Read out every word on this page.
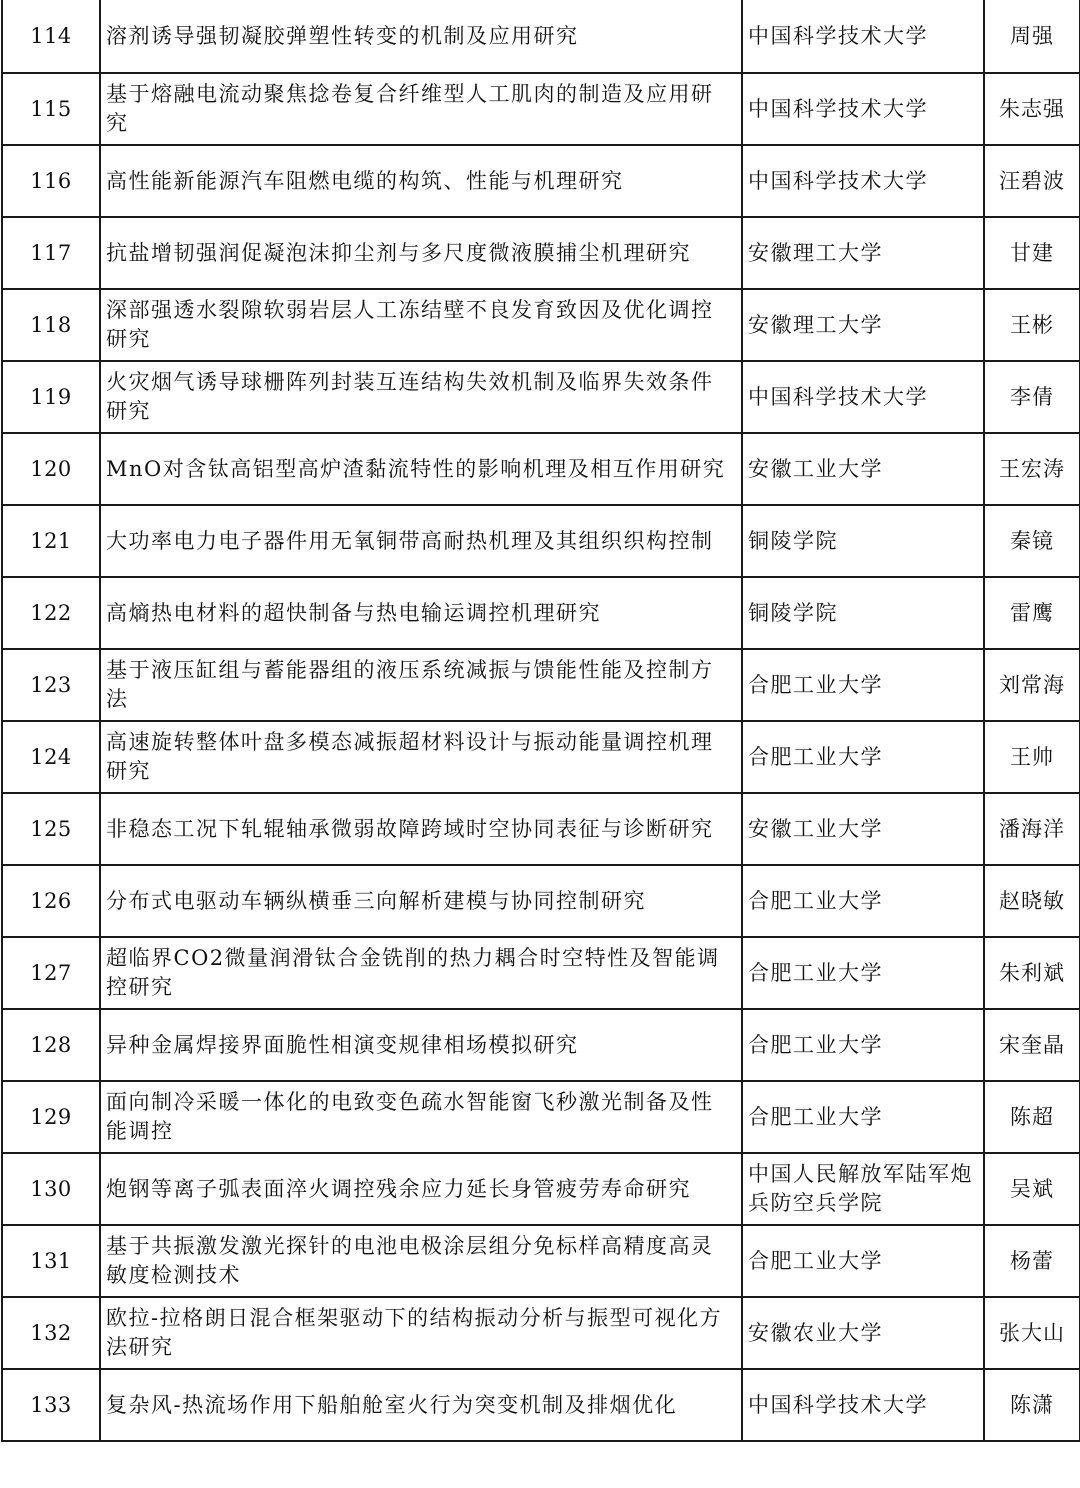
114	溶剂诱导强韧凝胶弹塑性转变的机制及应用研究	中国科学技术大学	周强
115	基于熔融电流动聚焦捻卷复合纤维型人工肌肉的制造及应用研究	中国科学技术大学	朱志强
116	高性能新能源汽车阻燃电缆的构筑、性能与机理研究	中国科学技术大学	汪碧波
117	抗盐增韧强润促凝泡沫抑尘剂与多尺度微液膜捕尘机理研究	安徽理工大学	甘建
118	深部强透水裂隙软弱岩层人工冻结壁不良发育致因及优化调控研究	安徽理工大学	王彬
119	火灾烟气诱导球栅阵列封装互连结构失效机制及临界失效条件研究	中国科学技术大学	李倩
120	MnO对含钛高铝型高炉渣黏流特性的影响机理及相互作用研究	安徽工业大学	王宏涛
121	大功率电力电子器件用无氧铜带高耐热机理及其组织织构控制	铜陵学院	秦镜
122	高熵热电材料的超快制备与热电输运调控机理研究	铜陵学院	雷鹰
123	基于液压缸组与蓄能器组的液压系统减振与馈能性能及控制方法	合肥工业大学	刘常海
124	高速旋转整体叶盘多模态减振超材料设计与振动能量调控机理研究	合肥工业大学	王帅
125	非稳态工况下轧辊轴承微弱故障跨域时空协同表征与诊断研究	安徽工业大学	潘海洋
126	分布式电驱动车辆纵横垂三向解析建模与协同控制研究	合肥工业大学	赵晓敏
127	超临界CO2微量润滑钛合金铣削的热力耦合时空特性及智能调控研究	合肥工业大学	朱利斌
128	异种金属焊接界面脆性相演变规律相场模拟研究	合肥工业大学	宋奎晶
129	面向制冷采暖一体化的电致变色疏水智能窗飞秒激光制备及性能调控	合肥工业大学	陈超
130	炮钢等离子弧表面淬火调控残余应力延长身管疲劳寿命研究	中国人民解放军陆军炮兵防空兵学院	吴斌
131	基于共振激发激光探针的电池电极涂层组分免标样高精度高灵敏度检测技术	合肥工业大学	杨蕾
132	欧拉-拉格朗日混合框架驱动下的结构振动分析与振型可视化方法研究	安徽农业大学	张大山
133	复杂风-热流场作用下船舶舱室火行为突变机制及排烟优化	中国科学技术大学	陈潇
